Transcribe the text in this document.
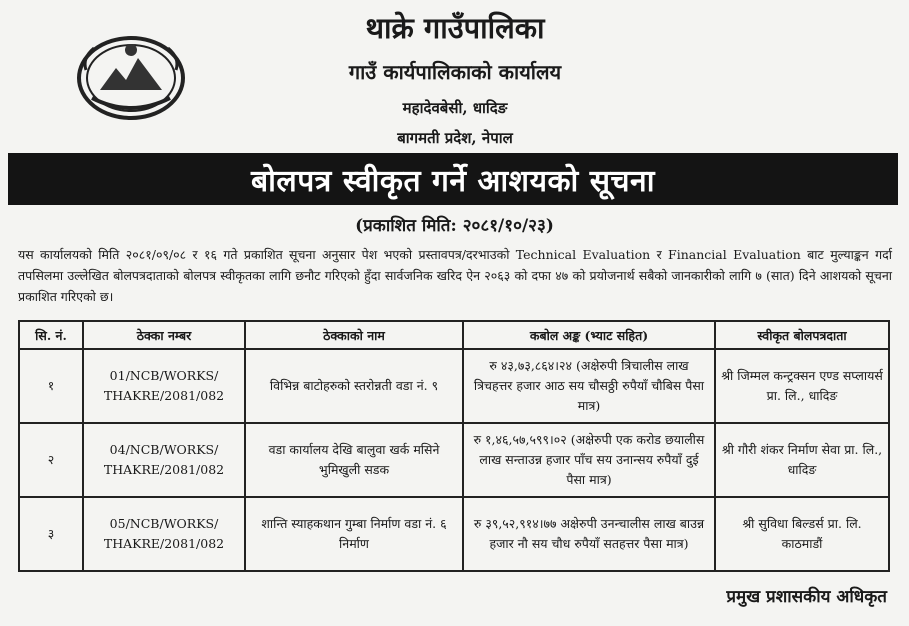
थाक्रे गाउँपालिका
गाउँ कार्यपालिकाको कार्यालय
महादेवबेसी, धादिङ
बागमती प्रदेश, नेपाल
बोलपत्र स्वीकृत गर्ने आशयको सूचना
(प्रकाशित मिति: २०८१/१०/२३)
यस कार्यालयको मिति २०८१/०९/०८ र १६ गते प्रकाशित सूचना अनुसार पेश भएको प्रस्तावपत्र/दरभाउको Technical Evaluation र Financial Evaluation बाट मुल्याङ्कन गर्दा तपसिलमा उल्लेखित बोलपत्रदाताको बोलपत्र स्वीकृतका लागि छनौट गरिएको हुँदा सार्वजनिक खरिद ऐन २०६३ को दफा ४७ को प्रयोजनार्थ सबैको जानकारीको लागि ७ (सात) दिने आशयको सूचना प्रकाशित गरिएको छ।
सि. नं.	ठेक्का नम्बर	ठेक्काको नाम	कबोल अङ्क (भ्याट सहित)	स्वीकृत बोलपत्रदाता
१	01/NCB/WORKS/ THAKRE/2081/082	विभिन्न बाटोहरुको स्तरोन्नती वडा नं. ९	रु ४३,७३,८६४।२४ (अक्षेरुपी त्रिचालीस लाख त्रिचहत्तर हजार आठ सय चौसठ्ठी रुपैयाँ चौबिस पैसा मात्र)	श्री जिम्मल कन्ट्रक्सन एण्ड सप्लायर्स प्रा. लि., धादिङ
२	04/NCB/WORKS/ THAKRE/2081/082	वडा कार्यालय देखि बालुवा खर्क मसिने भुमिखुली सडक	रु १,४६,५७,५९९।०२ (अक्षेरुपी एक करोड छयालीस लाख सन्ताउन्न हजार पाँच सय उनान्सय रुपैयाँ दुई पैसा मात्र)	श्री गौरी शंकर निर्माण सेवा प्रा. लि., धादिङ
३	05/NCB/WORKS/ THAKRE/2081/082	शान्ति स्याहकथान गुम्बा निर्माण वडा नं. ६ निर्माण	रु ३९,५२,९१४।७७ अक्षेरुपी उनन्चालीस लाख बाउन्न हजार नौ सय चौध रुपैयाँ सतहत्तर पैसा मात्र)	श्री सुविधा बिल्डर्स प्रा. लि. काठमाडौं
प्रमुख प्रशासकीय अधिकृत
